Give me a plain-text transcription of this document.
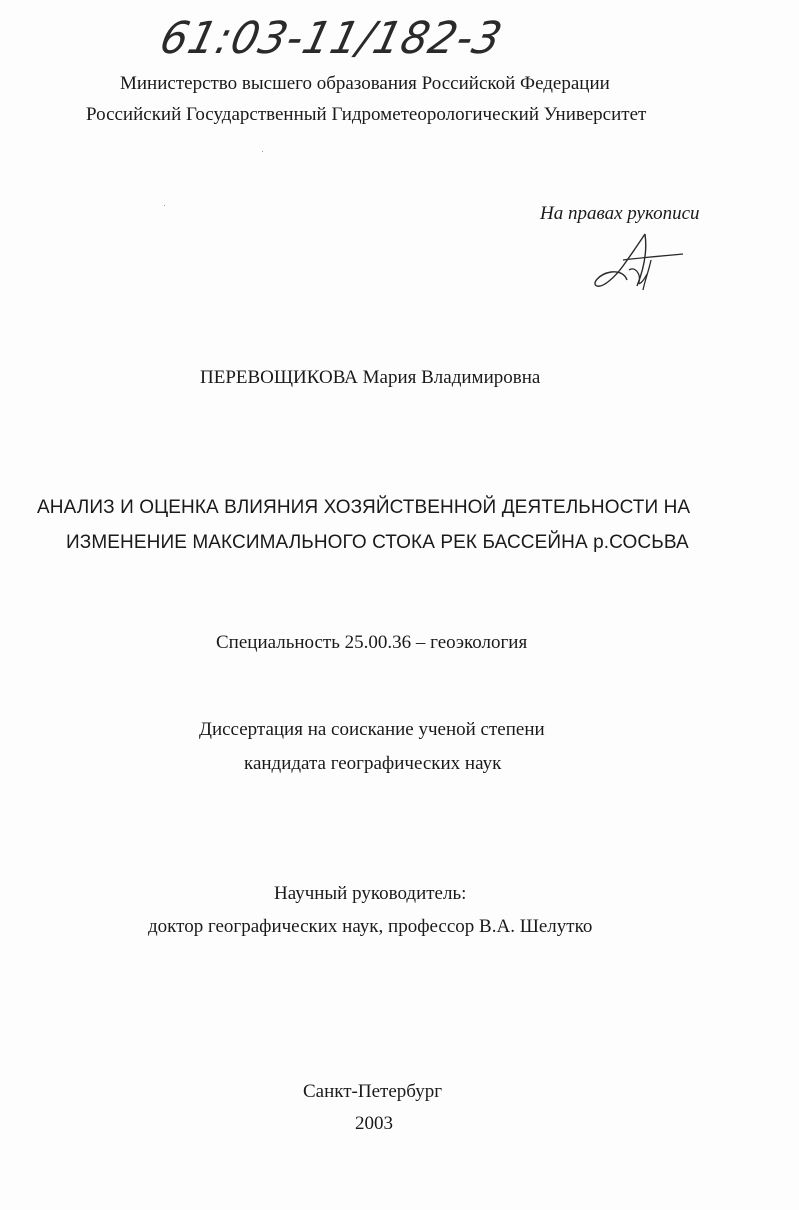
61:03-11/182-3
Министерство высшего образования Российской Федерации
Российский Государственный Гидрометеорологический Университет
На правах рукописи
ПЕРЕВОЩИКОВА Мария Владимировна
АНАЛИЗ И ОЦЕНКА ВЛИЯНИЯ ХОЗЯЙСТВЕННОЙ ДЕЯТЕЛЬНОСТИ НА
ИЗМЕНЕНИЕ МАКСИМАЛЬНОГО СТОКА РЕК БАССЕЙНА р.СОСЬВА
Специальность 25.00.36 – геоэкология
Диссертация на соискание ученой степени
кандидата географических наук
Научный руководитель:
доктор географических наук, профессор В.А. Шелутко
Санкт-Петербург
2003
